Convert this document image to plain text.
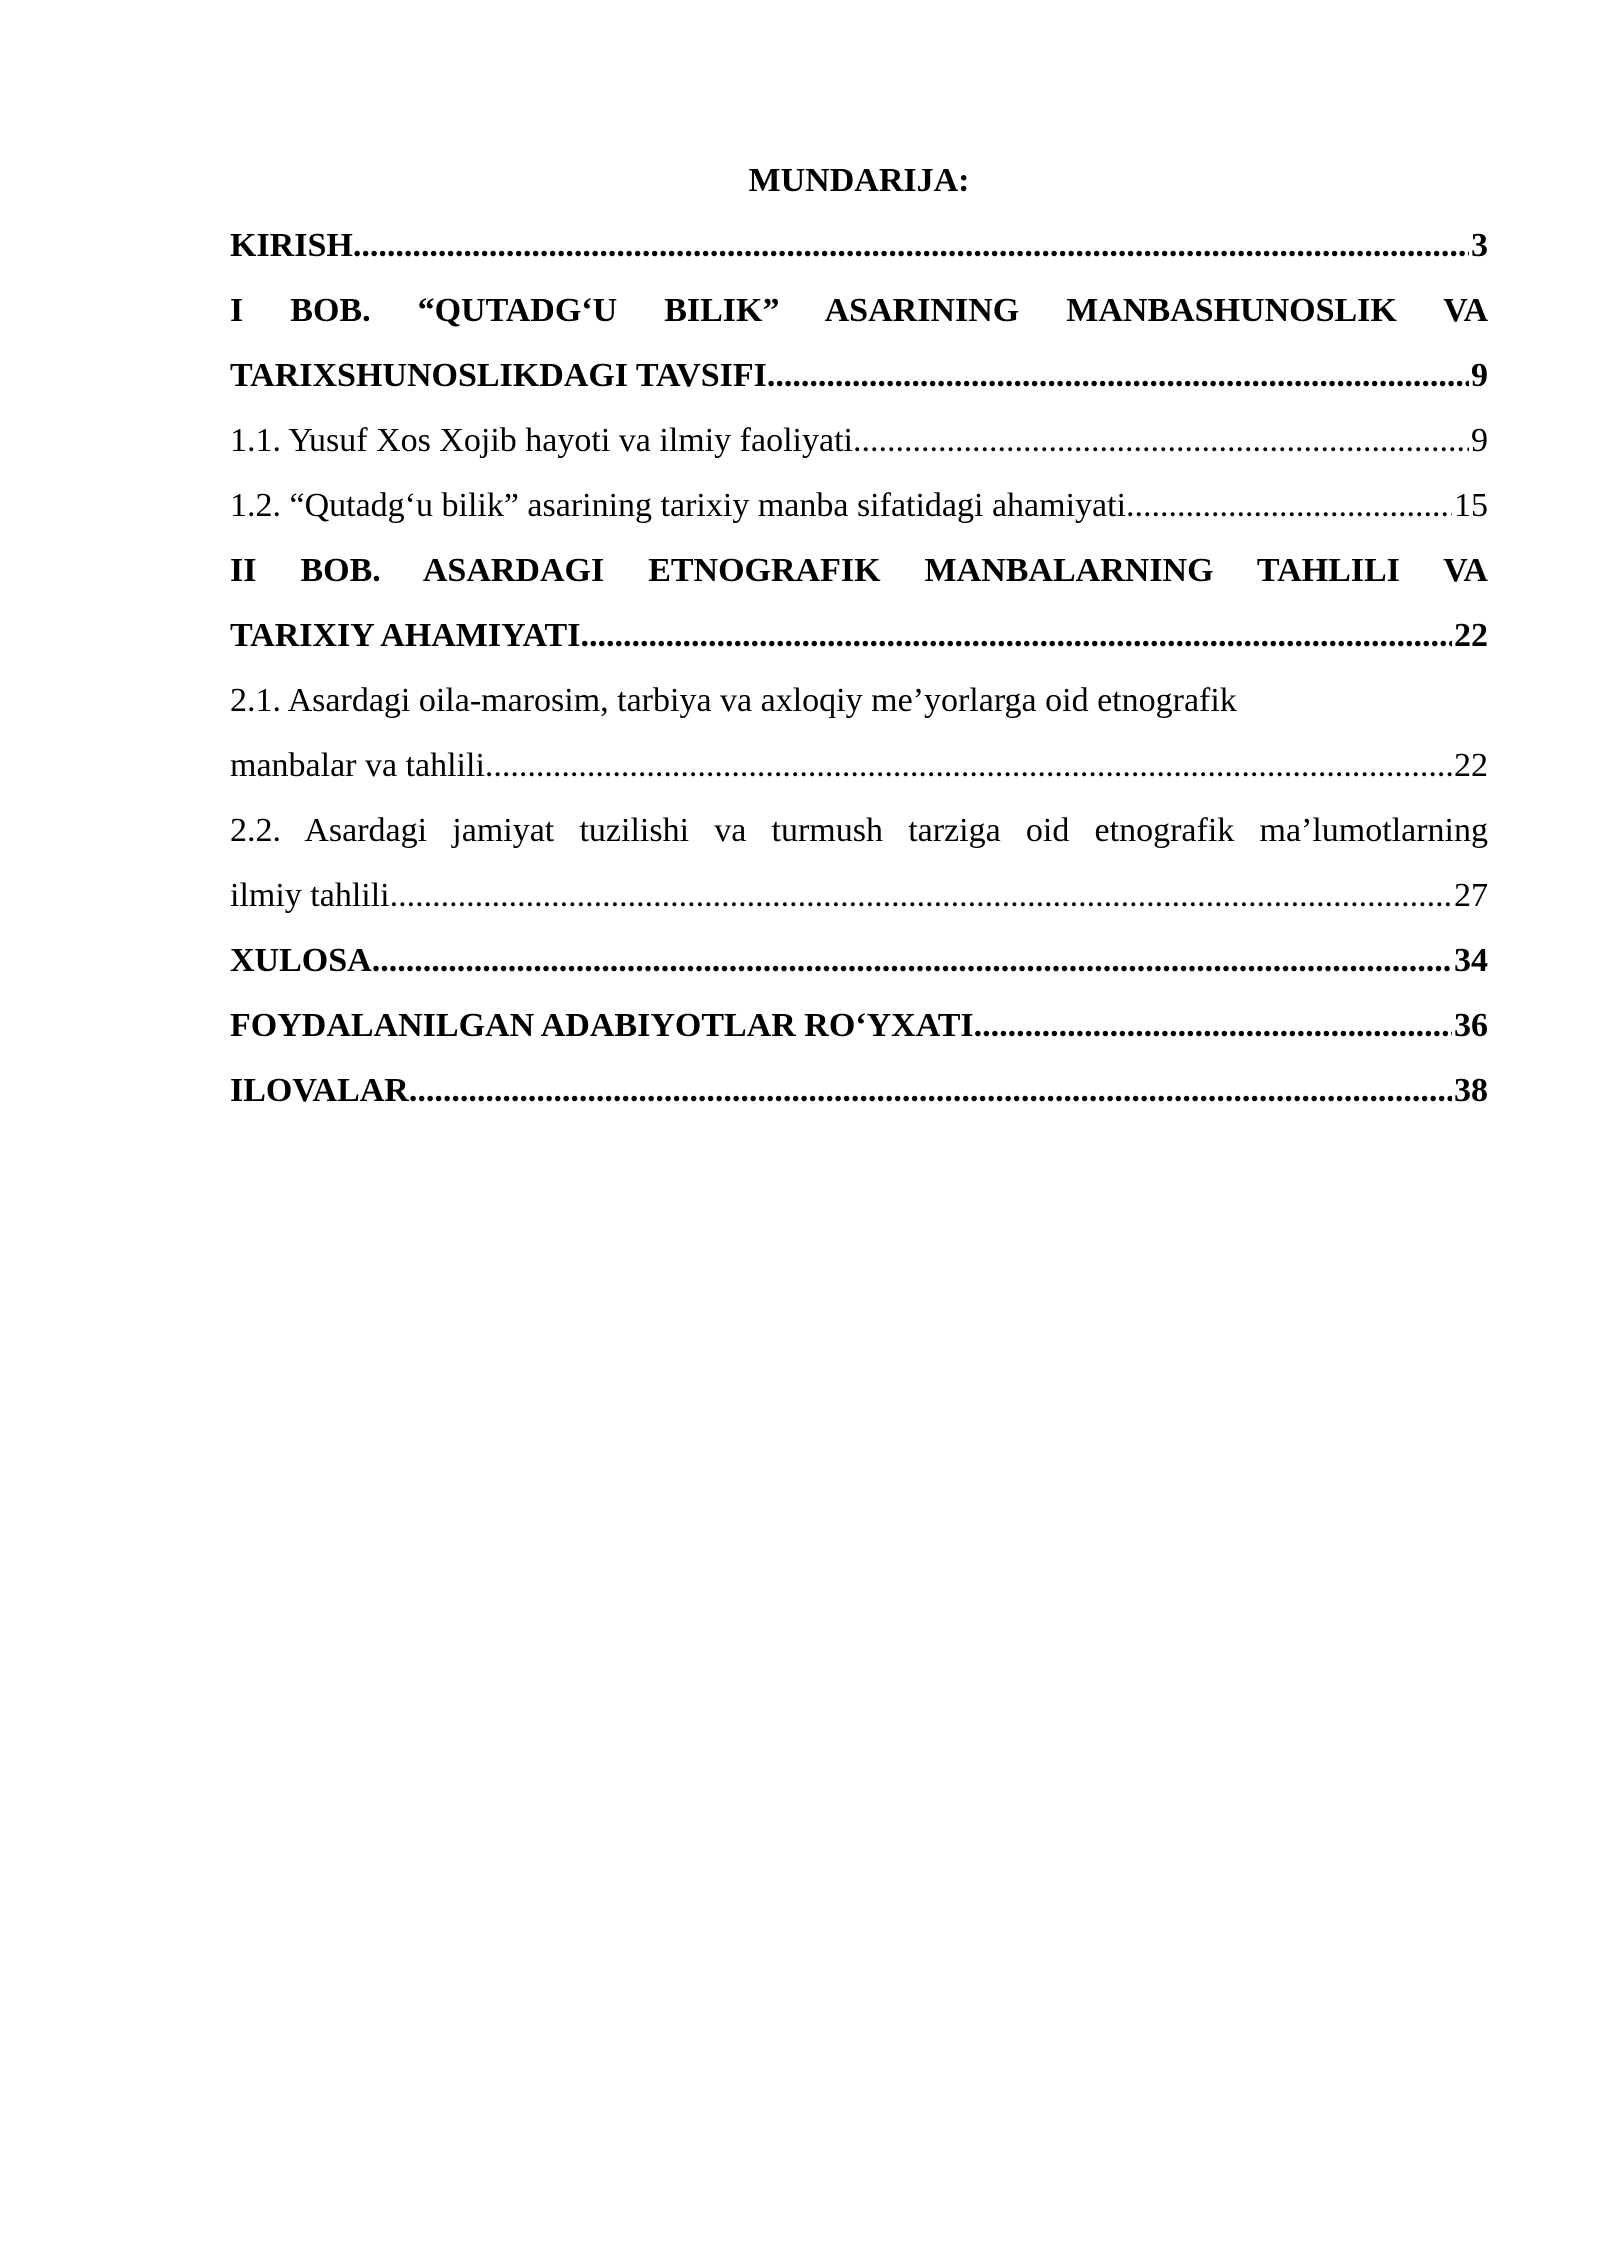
MUNDARIJA:
KIRISH .....	3
I BOB. “QUTADG‘U BILIK” ASARINING MANBASHUNOSLIK VA
TARIXSHUNOSLIKDAGI TAVSIFI .....	9
1.1. Yusuf Xos Xojib hayoti va ilmiy faoliyati .....	9
1.2. “Qutadg‘u bilik” asarining tarixiy manba sifatidagi ahamiyati .....	15
II BOB. ASARDAGI ETNOGRAFIK MANBALARNING TAHLILI VA
TARIXIY AHAMIYATI .....	22
2.1. Asardagi oila-marosim, tarbiya va axloqiy me’yorlarga oid etnografik
manbalar va tahlili .....	22
2.2. Asardagi jamiyat tuzilishi va turmush tarziga oid etnografik ma’lumotlarning
ilmiy tahlili .....	27
XULOSA .....	34
FOYDALANILGAN ADABIYOTLAR RO‘YXATI .....	36
ILOVALAR .....	38
